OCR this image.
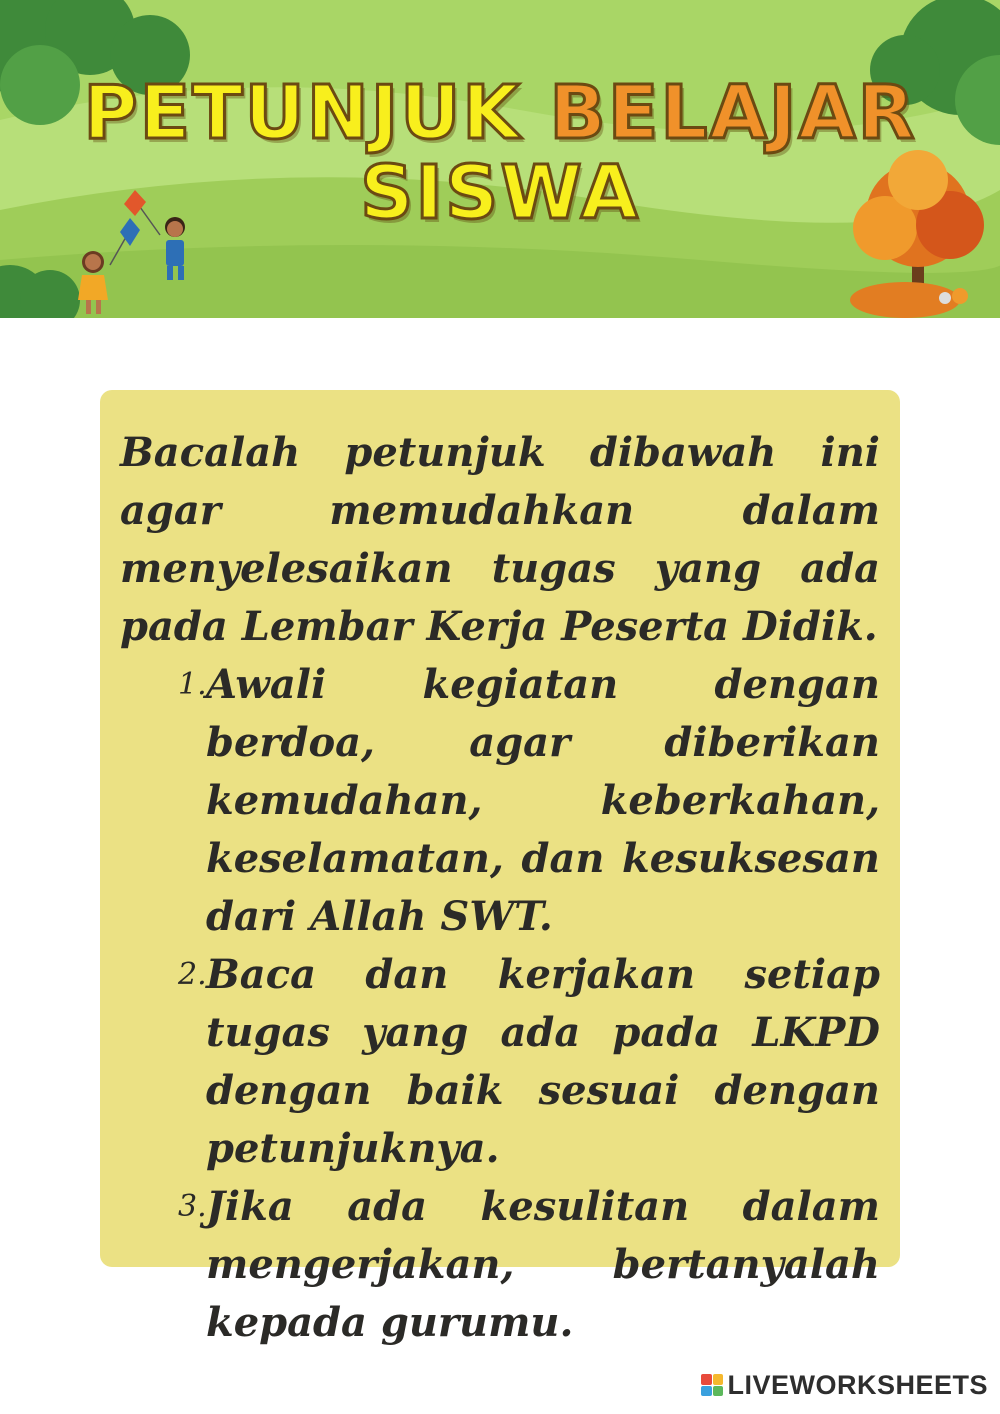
PETUNJUK BELAJAR
SISWA

Bacalah petunjuk dibawah ini agar memudahkan dalam menyelesaikan tugas yang ada pada Lembar Kerja Peserta Didik.

1. Awali kegiatan dengan berdoa, agar diberikan kemudahan, keberkahan, keselamatan, dan kesuksesan dari Allah SWT.
2. Baca dan kerjakan setiap tugas yang ada pada LKPD dengan baik sesuai dengan petunjuknya.
3. Jika ada kesulitan dalam mengerjakan, bertanyalah kepada gurumu.
LIVEWORKSHEETS
